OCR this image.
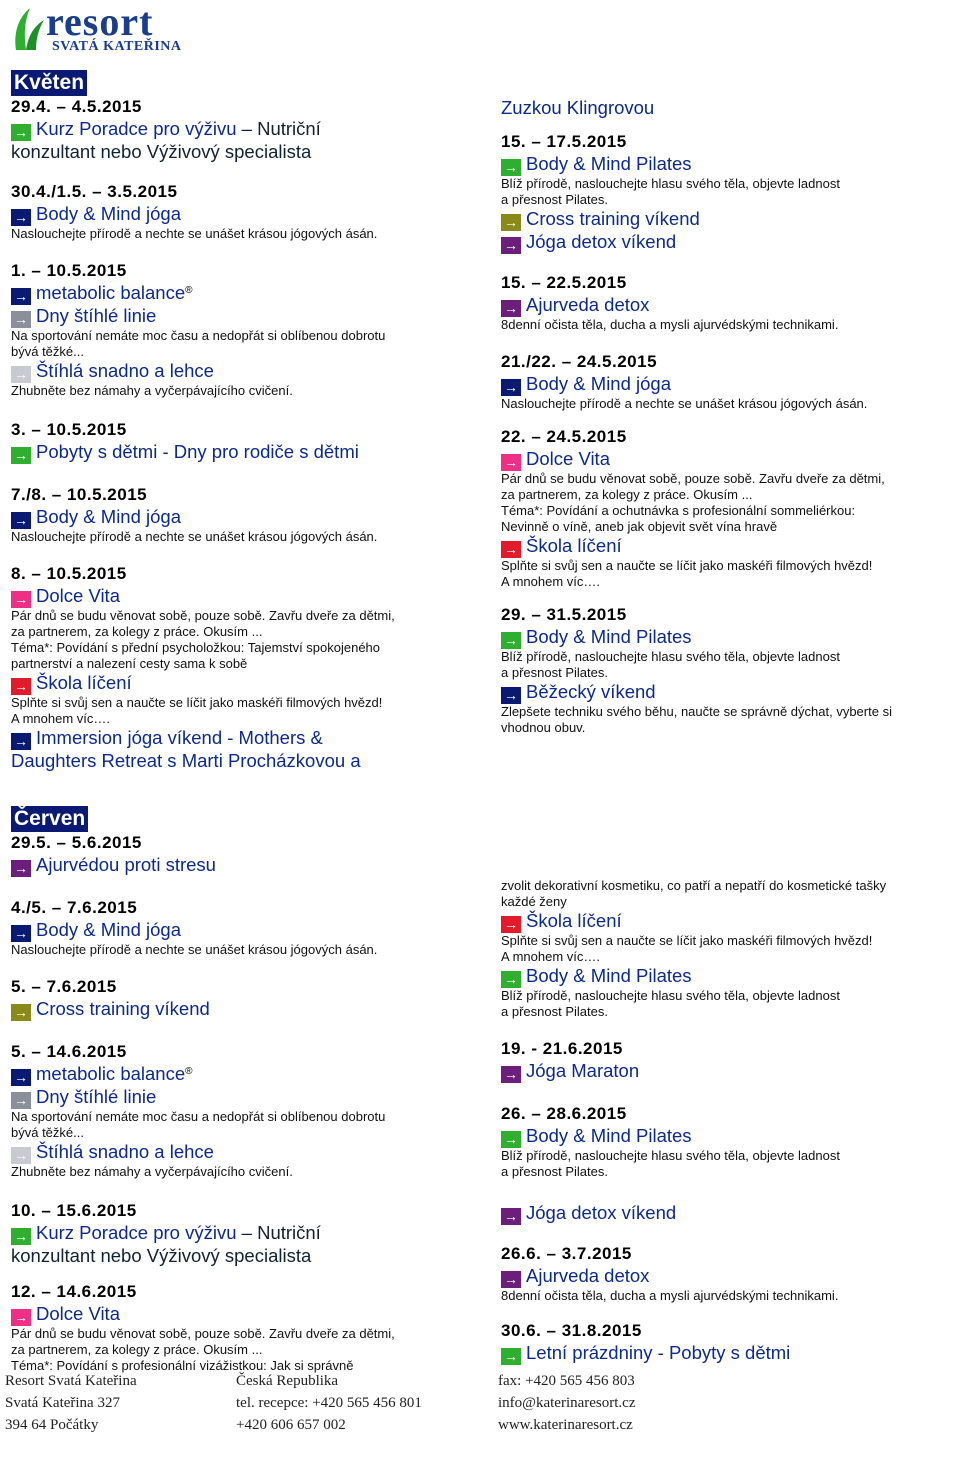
resort
SVATÁ KATEŘINA
Květen
29.4. – 4.5.2015
→ Kurz Poradce pro výživu – Nutriční
konzultant nebo Výživový specialista
30.4./1.5. – 3.5.2015
→ Body & Mind jóga
Naslouchejte přírodě a nechte se unášet krásou jógových ásán.
1. – 10.5.2015
→ metabolic balance®
→ Dny štíhlé linie
Na sportování nemáte moc času a nedopřát si oblíbenou dobrotu
bývá těžké...
→ Štíhlá snadno a lehce
Zhubněte bez námahy a vyčerpávajícího cvičení.
3. – 10.5.2015
→ Pobyty s dětmi - Dny pro rodiče s dětmi
7./8. – 10.5.2015
→ Body & Mind jóga
Naslouchejte přírodě a nechte se unášet krásou jógových ásán.
8. – 10.5.2015
→ Dolce Vita
Pár dnů se budu věnovat sobě, pouze sobě. Zavřu dveře za dětmi,
za partnerem, za kolegy z práce. Okusím ...
Téma*: Povídání s přední psycholožkou: Tajemství spokojeného
partnerství a nalezení cesty sama k sobě
→ Škola líčení
Splňte si svůj sen a naučte se líčit jako maskéři filmových hvězd!
A mnohem víc….
→ Immersion jóga víkend - Mothers &
Daughters Retreat s Marti Procházkovou a
Zuzkou Klingrovou
15. – 17.5.2015
→ Body & Mind Pilates
Blíž přírodě, naslouchejte hlasu svého těla, objevte ladnost
a přesnost Pilates.
→ Cross training víkend
→ Jóga detox víkend
15. – 22.5.2015
→ Ajurveda detox
8denní očista těla, ducha a mysli ajurvédskými technikami.
21./22. – 24.5.2015
→ Body & Mind jóga
Naslouchejte přírodě a nechte se unášet krásou jógových ásán.
22. – 24.5.2015
→ Dolce Vita
Pár dnů se budu věnovat sobě, pouze sobě. Zavřu dveře za dětmi,
za partnerem, za kolegy z práce. Okusím ...
Téma*: Povídání a ochutnávka s profesionální sommeliérkou:
Nevinně o víně, aneb jak objevit svět vína hravě
→ Škola líčení
Splňte si svůj sen a naučte se líčit jako maskéři filmových hvězd!
A mnohem víc….
29. – 31.5.2015
→ Body & Mind Pilates
Blíž přírodě, naslouchejte hlasu svého těla, objevte ladnost
a přesnost Pilates.
→ Běžecký víkend
Zlepšete techniku svého běhu, naučte se správně dýchat, vyberte si
vhodnou obuv.
Červen
29.5. – 5.6.2015
→ Ajurvédou proti stresu
4./5. – 7.6.2015
→ Body & Mind jóga
Naslouchejte přírodě a nechte se unášet krásou jógových ásán.
5. – 7.6.2015
→ Cross training víkend
5. – 14.6.2015
→ metabolic balance®
→ Dny štíhlé linie
Na sportování nemáte moc času a nedopřát si oblíbenou dobrotu
bývá těžké...
→ Štíhlá snadno a lehce
Zhubněte bez námahy a vyčerpávajícího cvičení.
10. – 15.6.2015
→ Kurz Poradce pro výživu – Nutriční
konzultant nebo Výživový specialista
12. – 14.6.2015
→ Dolce Vita
Pár dnů se budu věnovat sobě, pouze sobě. Zavřu dveře za dětmi,
za partnerem, za kolegy z práce. Okusím ...
Téma*: Povídání s profesionální vizážistkou: Jak si správně
zvolit dekorativní kosmetiku, co patří a nepatří do kosmetické tašky
každé ženy
→ Škola líčení
Splňte si svůj sen a naučte se líčit jako maskéři filmových hvězd!
A mnohem víc….
→ Body & Mind Pilates
Blíž přírodě, naslouchejte hlasu svého těla, objevte ladnost
a přesnost Pilates.
19. - 21.6.2015
→ Jóga Maraton
26. – 28.6.2015
→ Body & Mind Pilates
Blíž přírodě, naslouchejte hlasu svého těla, objevte ladnost
a přesnost Pilates.
→ Jóga detox víkend
26.6. – 3.7.2015
→ Ajurveda detox
8denní očista těla, ducha a mysli ajurvédskými technikami.
30.6. – 31.8.2015
→ Letní prázdniny - Pobyty s dětmi
Resort Svatá Kateřina
Svatá Kateřina 327
394 64 Počátky
Česká Republika
tel. recepce: +420 565 456 801
+420 606 657 002
fax: +420 565 456 803
info@katerinaresort.cz
www.katerinaresort.cz
